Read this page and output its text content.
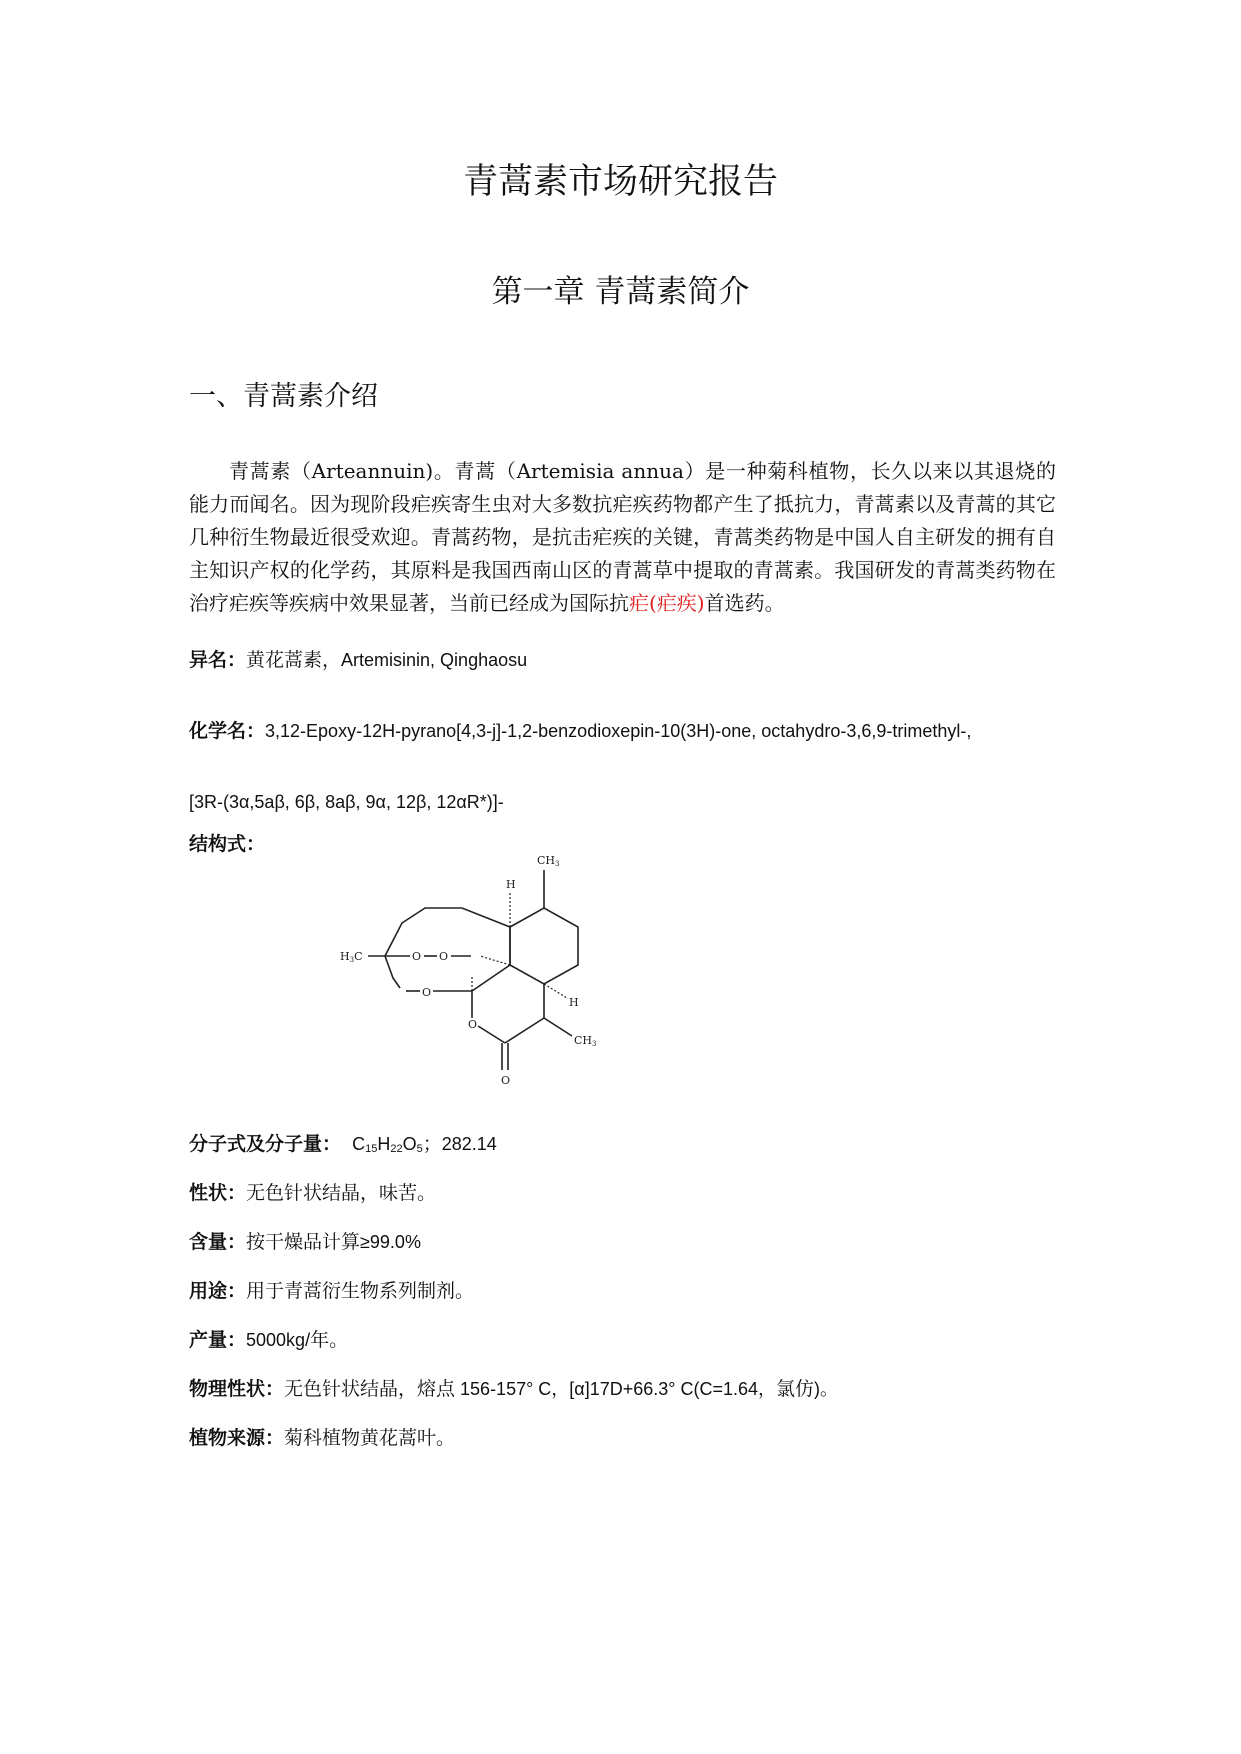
青蒿素市场研究报告
第一章 青蒿素简介
一、青蒿素介绍

青蒿素（Arteannuin)。青蒿（Artemisia annua）是一种菊科植物，长久以来以其退烧的能力而闻名。因为现阶段疟疾寄生虫对大多数抗疟疾药物都产生了抵抗力，青蒿素以及青蒿的其它几种衍生物最近很受欢迎。青蒿药物，是抗击疟疾的关键，青蒿类药物是中国人自主研发的拥有自主知识产权的化学药，其原料是我国西南山区的青蒿草中提取的青蒿素。我国研发的青蒿类药物在治疗疟疾等疾病中效果显著，当前已经成为国际抗疟(疟疾)首选药。

异名：黄花蒿素，Artemisinin, Qinghaosu

化学名：3,12-Epoxy-12H-pyrano[4,3-j]-1,2-benzodioxepin-10(3H)-one, octahydro-3,6,9-trimethyl-,

[3R-(3α,5aβ, 6β, 8aβ, 9α, 12β, 12αR*)]-

结构式：

H
CH3
H3C	O O
O
O
O
H
CH3

分子式及分子量： $C_{15}H_{22}O_5$；282.14

性状：无色针状结晶，味苦。

含量：按干燥品计算≥99.0%

用途：用于青蒿衍生物系列制剂。

产量：5000kg/年。

物理性状：无色针状结晶，熔点 156-157° C，[α]17D+66.3° C(C=1.64，氯仿)。

植物来源：菊科植物黄花蒿叶。
